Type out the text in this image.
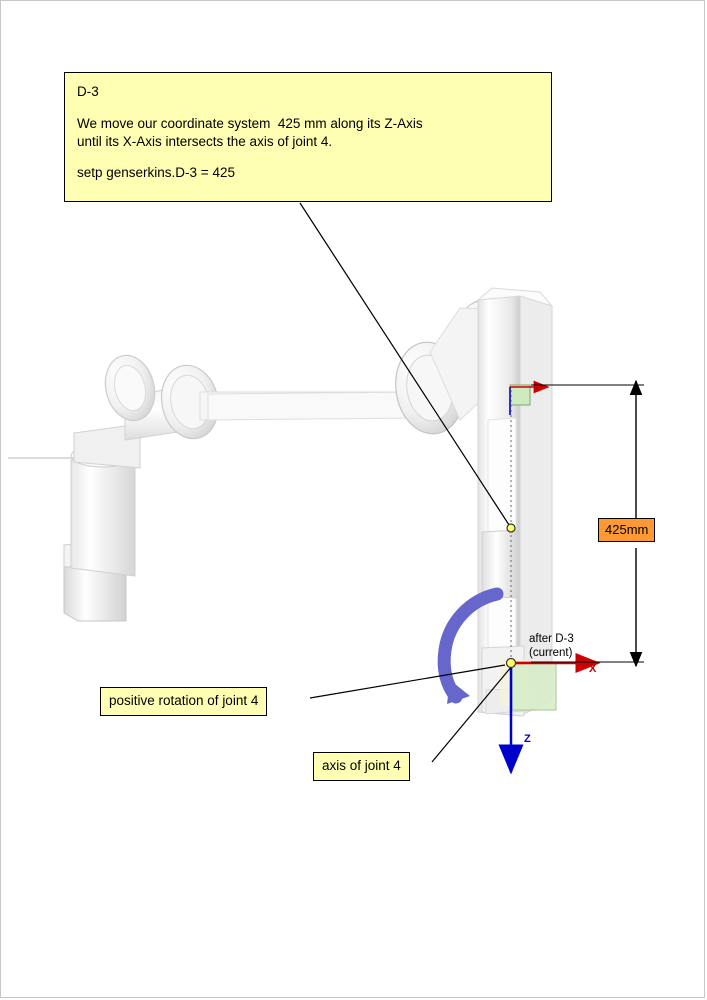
D-3

We move our coordinate system  425 mm along its Z-Axis

until its X-Axis intersects the axis of joint 4.

setp genserkins.D-3 = 425

positive rotation of joint 4
axis of joint 4
425mm
after D-3
(current)
X
Z
